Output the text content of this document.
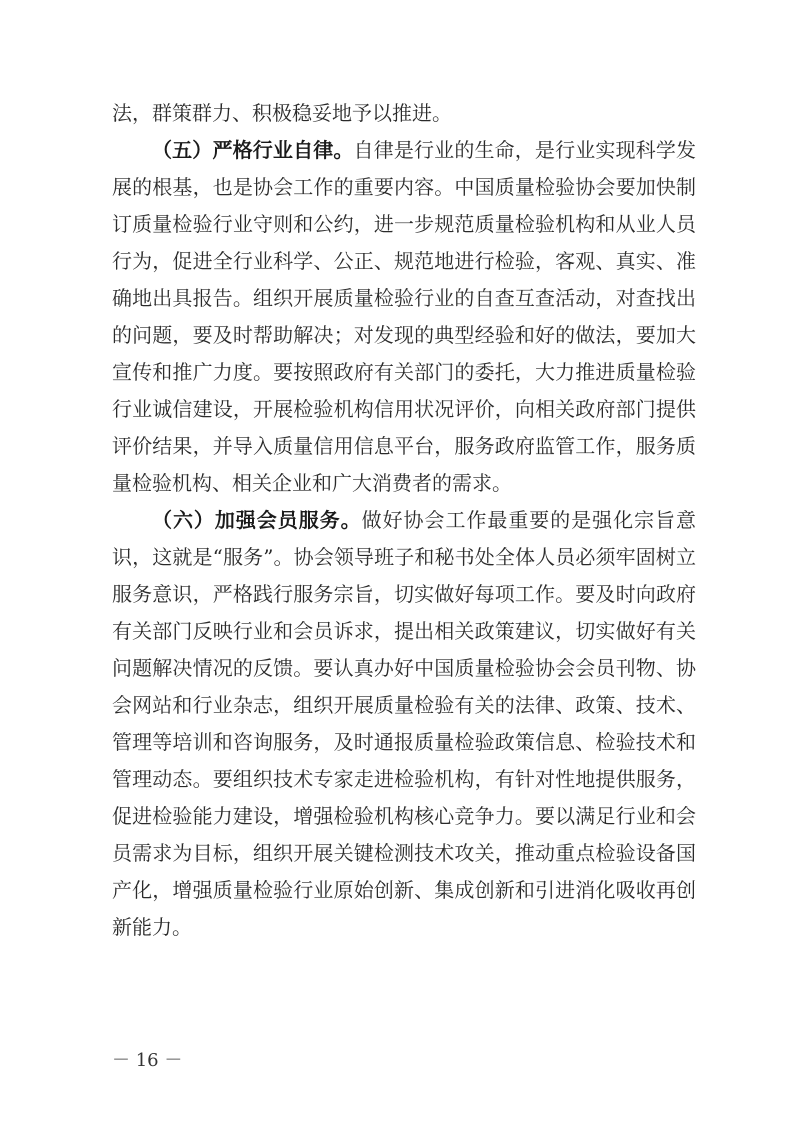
法，群策群力、积极稳妥地予以推进。

（五）严格行业自律。自律是行业的生命，是行业实现科学发展的根基，也是协会工作的重要内容。中国质量检验协会要加快制订质量检验行业守则和公约，进一步规范质量检验机构和从业人员行为，促进全行业科学、公正、规范地进行检验，客观、真实、准确地出具报告。组织开展质量检验行业的自查互查活动，对查找出的问题，要及时帮助解决；对发现的典型经验和好的做法，要加大宣传和推广力度。要按照政府有关部门的委托，大力推进质量检验行业诚信建设，开展检验机构信用状况评价，向相关政府部门提供评价结果，并导入质量信用信息平台，服务政府监管工作，服务质量检验机构、相关企业和广大消费者的需求。

（六）加强会员服务。做好协会工作最重要的是强化宗旨意识，这就是“服务”。协会领导班子和秘书处全体人员必须牢固树立服务意识，严格践行服务宗旨，切实做好每项工作。要及时向政府有关部门反映行业和会员诉求，提出相关政策建议，切实做好有关问题解决情况的反馈。要认真办好中国质量检验协会会员刊物、协会网站和行业杂志，组织开展质量检验有关的法律、政策、技术、管理等培训和咨询服务，及时通报质量检验政策信息、检验技术和管理动态。要组织技术专家走进检验机构，有针对性地提供服务，促进检验能力建设，增强检验机构核心竞争力。要以满足行业和会员需求为目标，组织开展关键检测技术攻关，推动重点检验设备国产化，增强质量检验行业原始创新、集成创新和引进消化吸收再创新能力。

－ 16 －
